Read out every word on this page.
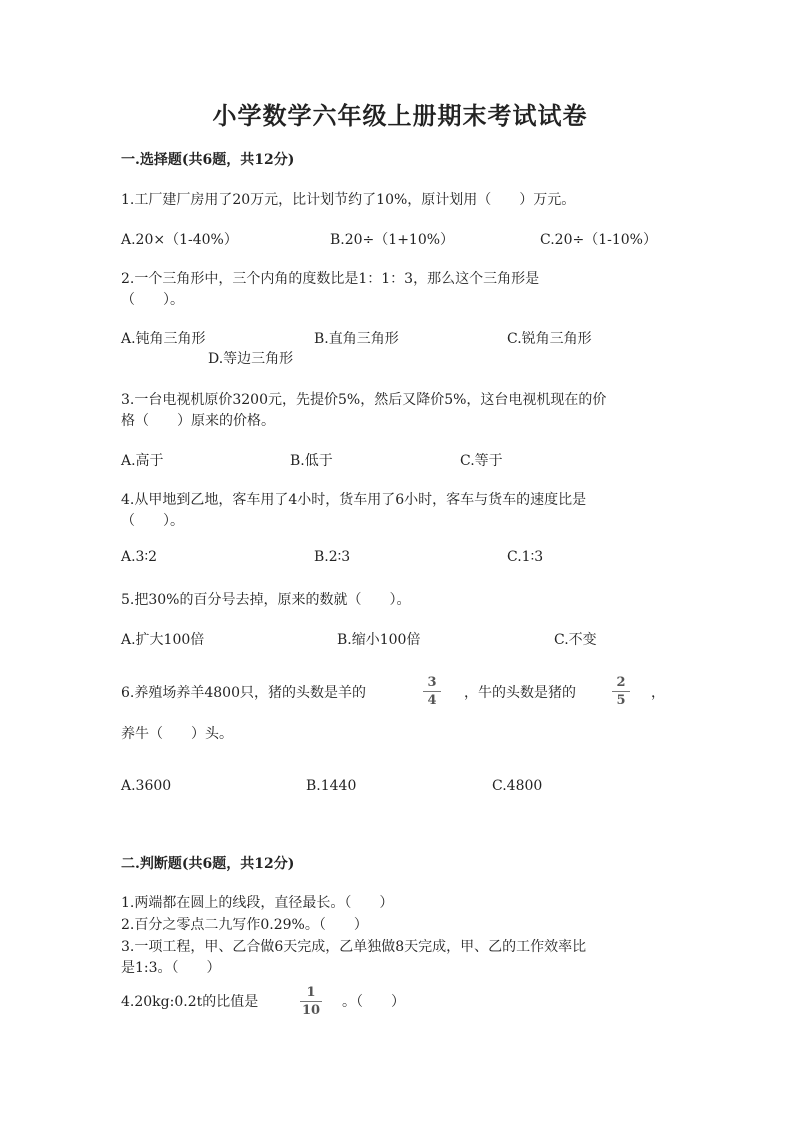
小学数学六年级上册期末考试试卷
一.选择题(共6题，共12分)
1.工厂建厂房用了20万元，比计划节约了10%，原计划用（　　）万元。
A.20×（1-40%）	B.20÷（1+10%）	C.20÷（1-10%）
2.一个三角形中，三个内角的度数比是1：1：3，那么这个三角形是
（　　）。
A.钝角三角形	B.直角三角形	C.锐角三角形
D.等边三角形
3.一台电视机原价3200元，先提价5%，然后又降价5%，这台电视机现在的价
格（　　）原来的价格。
A.高于	B.低于	C.等于
4.从甲地到乙地，客车用了4小时，货车用了6小时，客车与货车的速度比是
（　　）。
A.3∶2	B.2∶3	C.1∶3
5.把30%的百分号去掉，原来的数就（　　）。
A.扩大100倍	B.缩小100倍	C.不变
6.养殖场养羊4800只，猪的头数是羊的
3
4	，牛的头数是猪的
2
5	，
养牛（　　）头。
A.3600	B.1440	C.4800
二.判断题(共6题，共12分)
1.两端都在圆上的线段，直径最长。（　　）
2.百分之零点二九写作0.29%。（　　）
3.一项工程，甲、乙合做6天完成，乙单独做8天完成，甲、乙的工作效率比
是1:3。（　　）
4.20kg:0.2t的比值是
1
10
。（　　）
